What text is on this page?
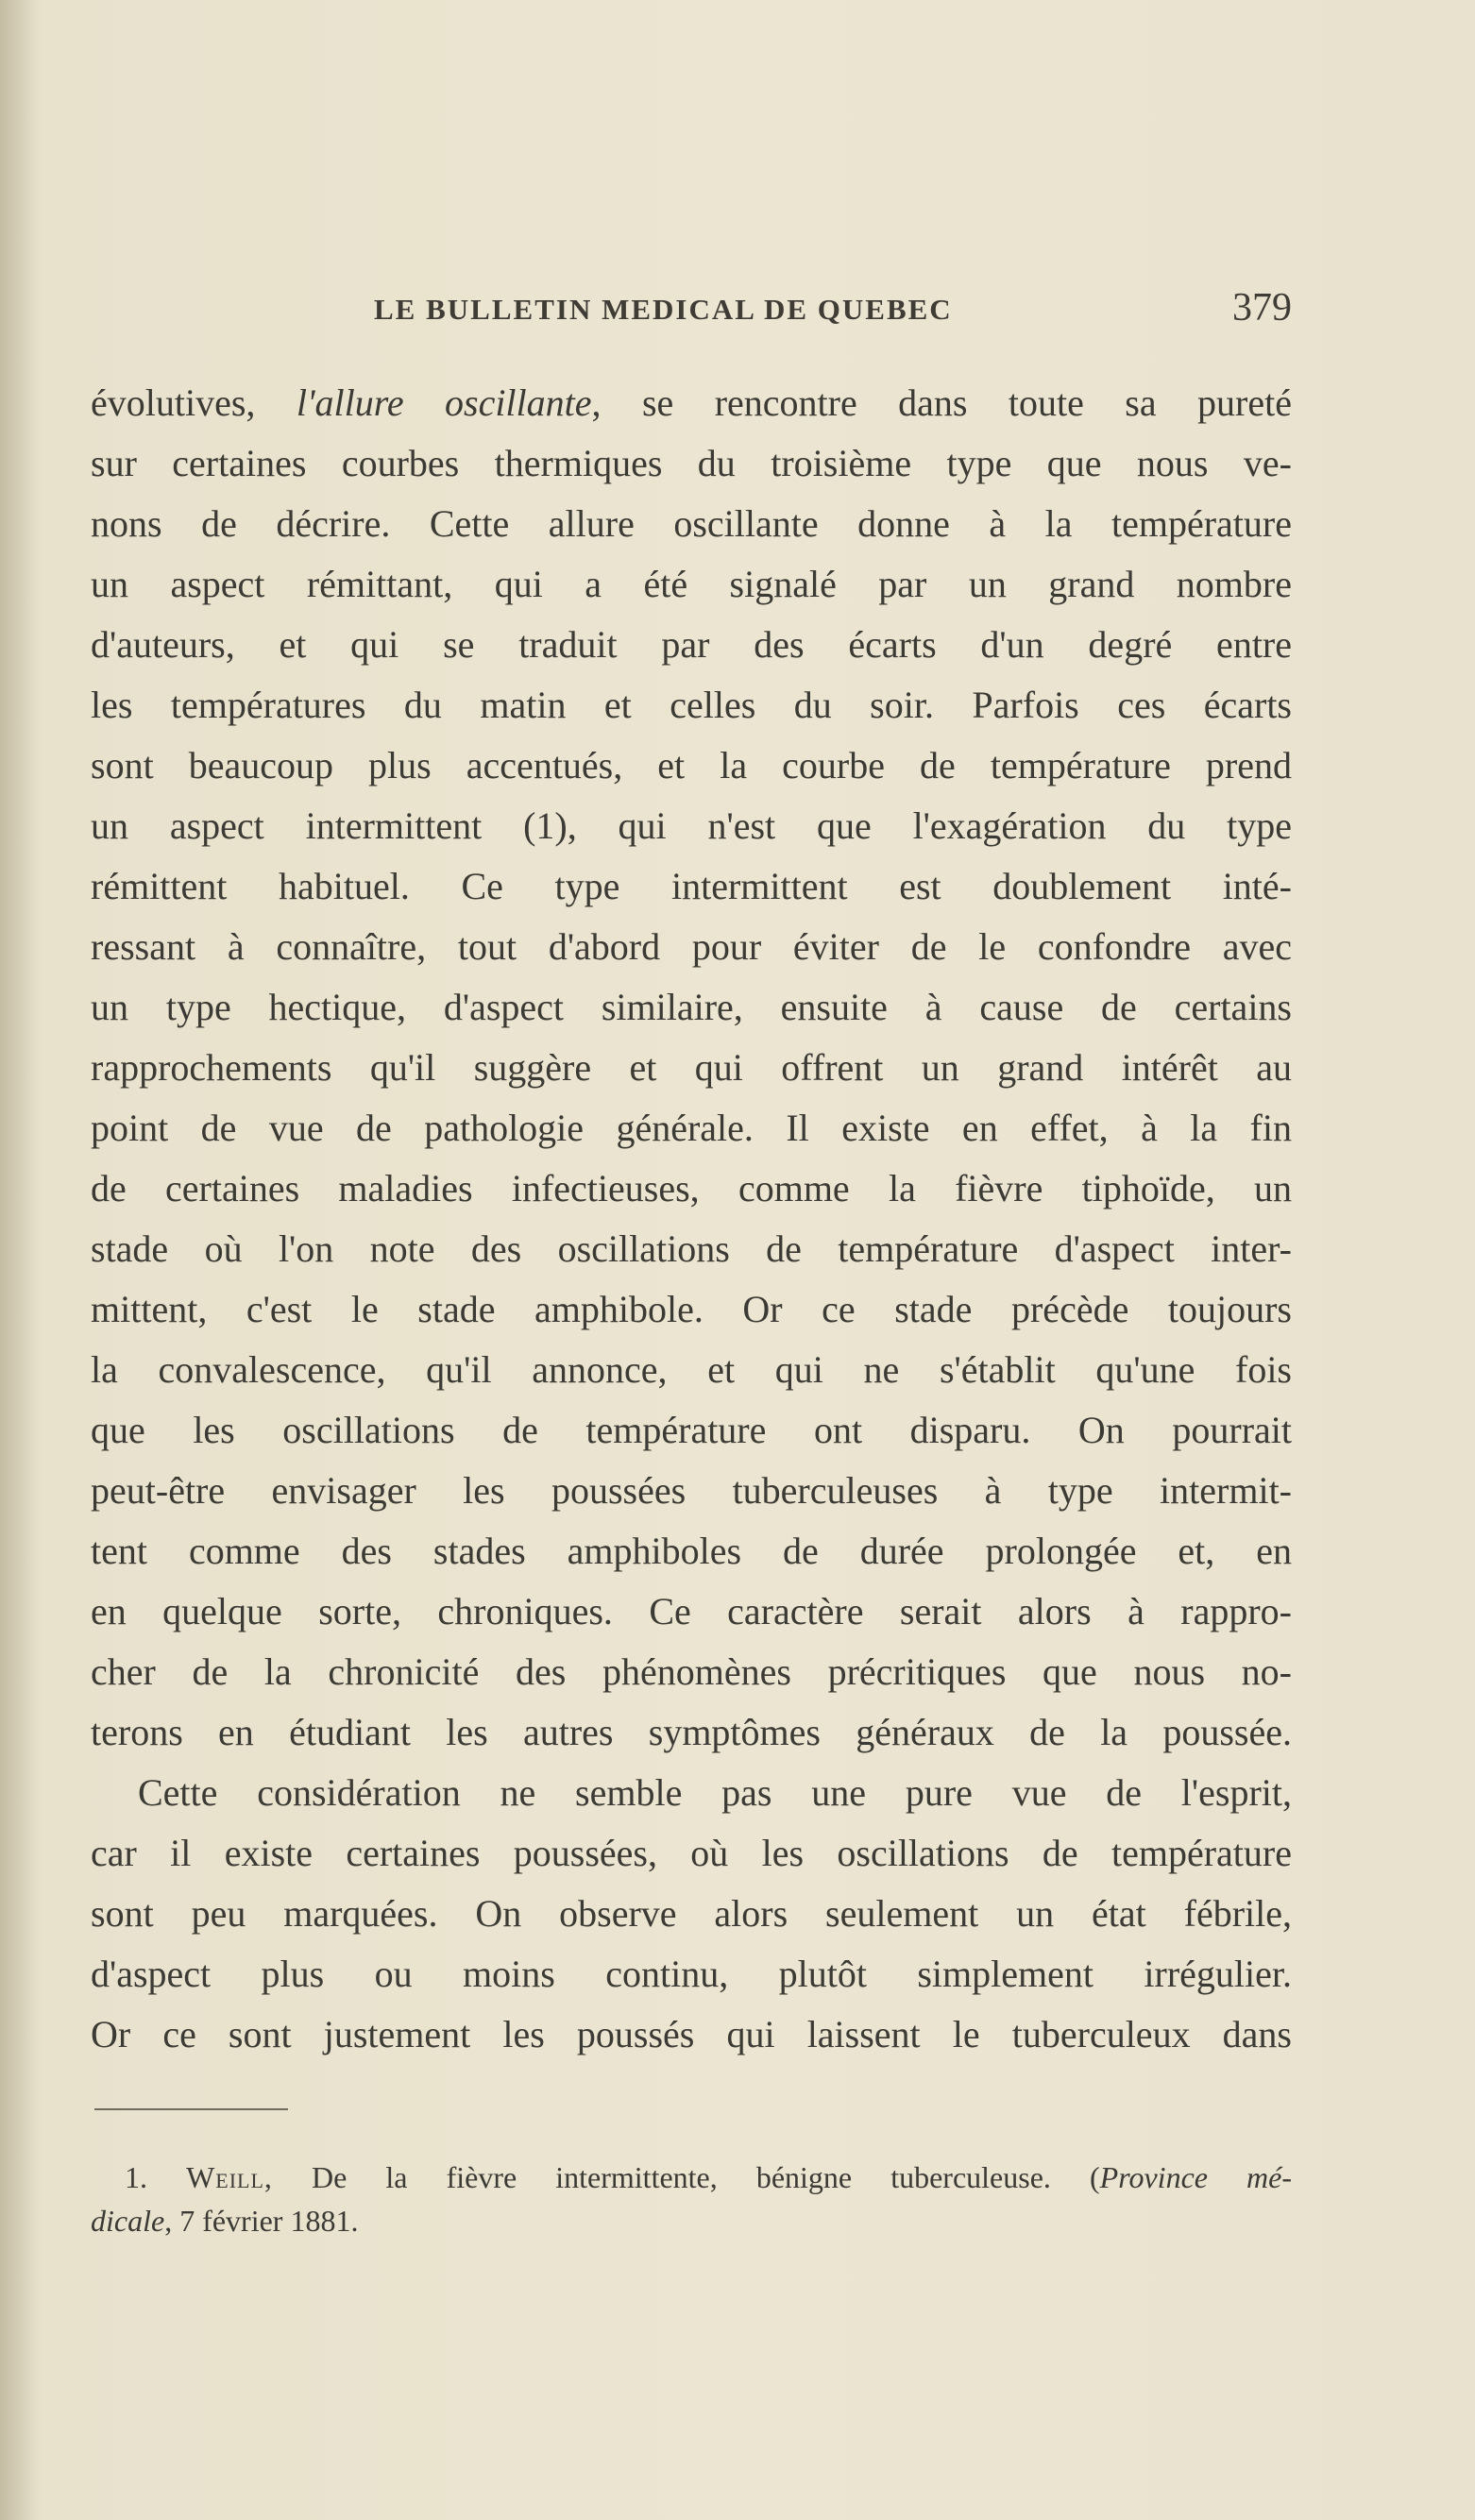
LE BULLETIN MEDICAL DE QUEBEC	379
évolutives, l'allure oscillante, se rencontre dans toute sa pureté
sur certaines courbes thermiques du troisième type que nous ve-
nons de décrire. Cette allure oscillante donne à la température
un aspect rémittant, qui a été signalé par un grand nombre
d'auteurs, et qui se traduit par des écarts d'un degré entre
les températures du matin et celles du soir. Parfois ces écarts
sont beaucoup plus accentués, et la courbe de température prend
un aspect intermittent (1), qui n'est que l'exagération du type
rémittent habituel. Ce type intermittent est doublement inté-
ressant à connaître, tout d'abord pour éviter de le confondre avec
un type hectique, d'aspect similaire, ensuite à cause de certains
rapprochements qu'il suggère et qui offrent un grand intérêt au
point de vue de pathologie générale. Il existe en effet, à la fin
de certaines maladies infectieuses, comme la fièvre tiphoïde, un
stade où l'on note des oscillations de température d'aspect inter-
mittent, c'est le stade amphibole. Or ce stade précède toujours
la convalescence, qu'il annonce, et qui ne s'établit qu'une fois
que les oscillations de température ont disparu. On pourrait
peut-être envisager les poussées tuberculeuses à type intermit-
tent comme des stades amphiboles de durée prolongée et, en
en quelque sorte, chroniques. Ce caractère serait alors à rappro-
cher de la chronicité des phénomènes précritiques que nous no-
terons en étudiant les autres symptômes généraux de la poussée.
Cette considération ne semble pas une pure vue de l'esprit,
car il existe certaines poussées, où les oscillations de température
sont peu marquées. On observe alors seulement un état fébrile,
d'aspect plus ou moins continu, plutôt simplement irrégulier.
Or ce sont justement les poussés qui laissent le tuberculeux dans
1. Weill, De la fièvre intermittente, bénigne tuberculeuse. (Province mé-
dicale, 7 février 1881.
